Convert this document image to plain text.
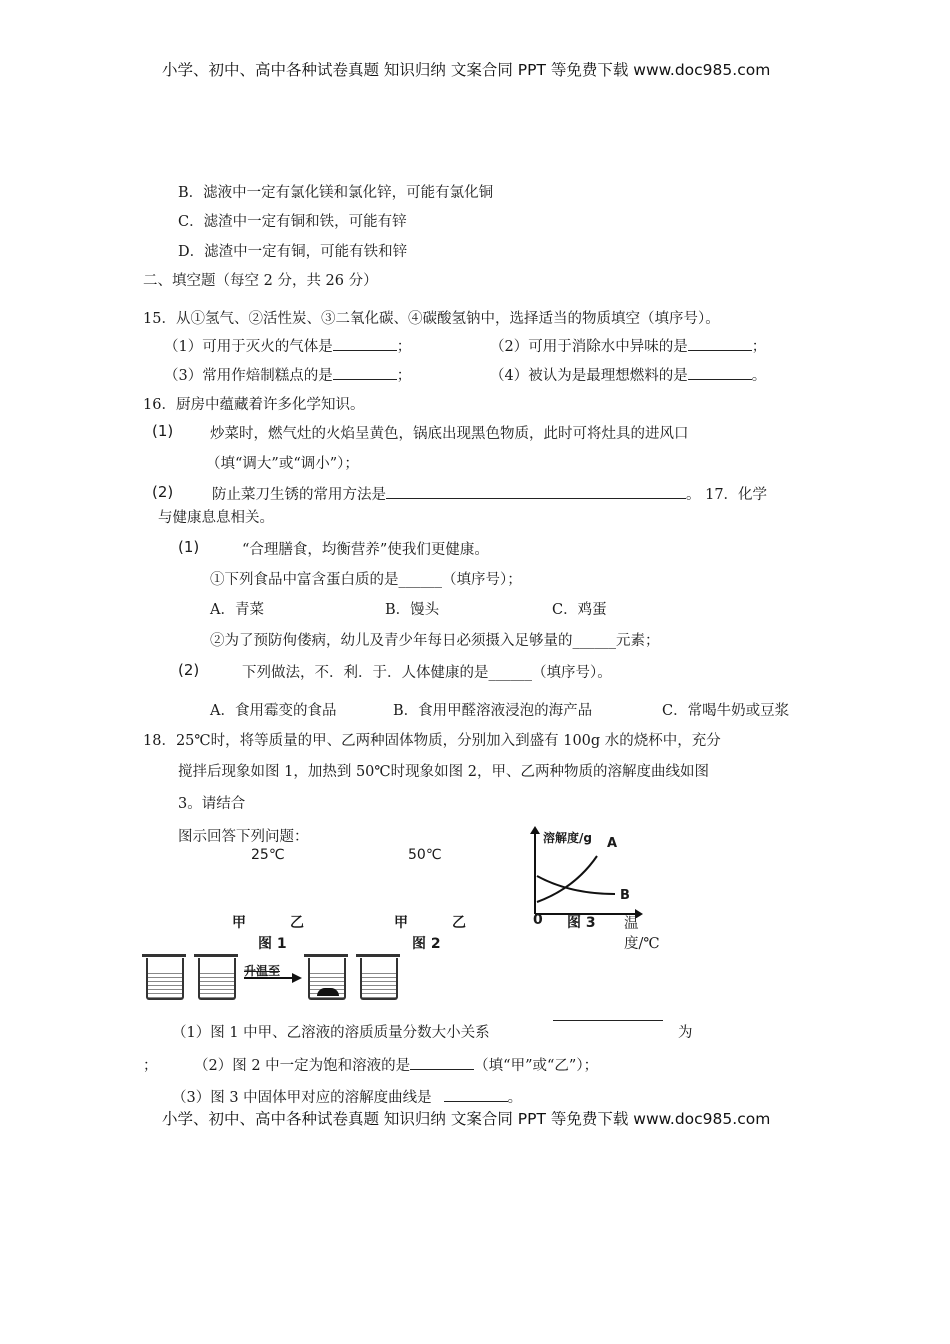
小学、初中、高中各种试卷真题 知识归纳 文案合同 PPT 等免费下载 www.doc985.com
B．滤液中一定有氯化镁和氯化锌，可能有氯化铜
C．滤渣中一定有铜和铁，可能有锌
D．滤渣中一定有铜，可能有铁和锌
二、填空题（每空 2 分，共 26 分）
15．从①氢气、②活性炭、③二氧化碳、④碳酸氢钠中，选择适当的物质填空（填序号）。
（1）可用于灭火的气体是	；	（2）可用于消除水中异味的是	；
（3）常用作焙制糕点的是	；	（4）被认为是最理想燃料的是	。
16．厨房中蕴藏着许多化学知识。
(1)	炒菜时，燃气灶的火焰呈黄色，锅底出现黑色物质，此时可将灶具的进风口
（填“调大”或“调小”）；
(2)	防止菜刀生锈的常用方法是	。 17．化学
与健康息息相关。
(1)	“合理膳食，均衡营养”使我们更健康。
①下列食品中富含蛋白质的是______（填序号）；
A．青菜	B．馒头	C．鸡蛋
②为了预防佝偻病，幼儿及青少年每日必须摄入足够量的______元素；
(2)	下列做法，不．利．于．人体健康的是______（填序号）。
A．食用霉变的食品	B．食用甲醛溶液浸泡的海产品	C．常喝牛奶或豆浆
18．25℃时，将等质量的甲、乙两种固体物质，分别加入到盛有 100g 水的烧杯中，充分
搅拌后现象如图 1，加热到 50℃时现象如图 2，甲、乙两种物质的溶解度曲线如图
3。请结合
图示回答下列问题：
25℃	50℃
甲	乙	甲	乙
图 1	图 2
升温至
溶解度/g A
B
0 图 3 温
度/℃
（1）图 1 中甲、乙溶液的溶质质量分数大小关系	为
；	（2）图 2 中一定为饱和溶液的是	（填“甲”或“乙”）；
（3）图 3 中固体甲对应的溶解度曲线是	。
小学、初中、高中各种试卷真题 知识归纳 文案合同 PPT 等免费下载 www.doc985.com
